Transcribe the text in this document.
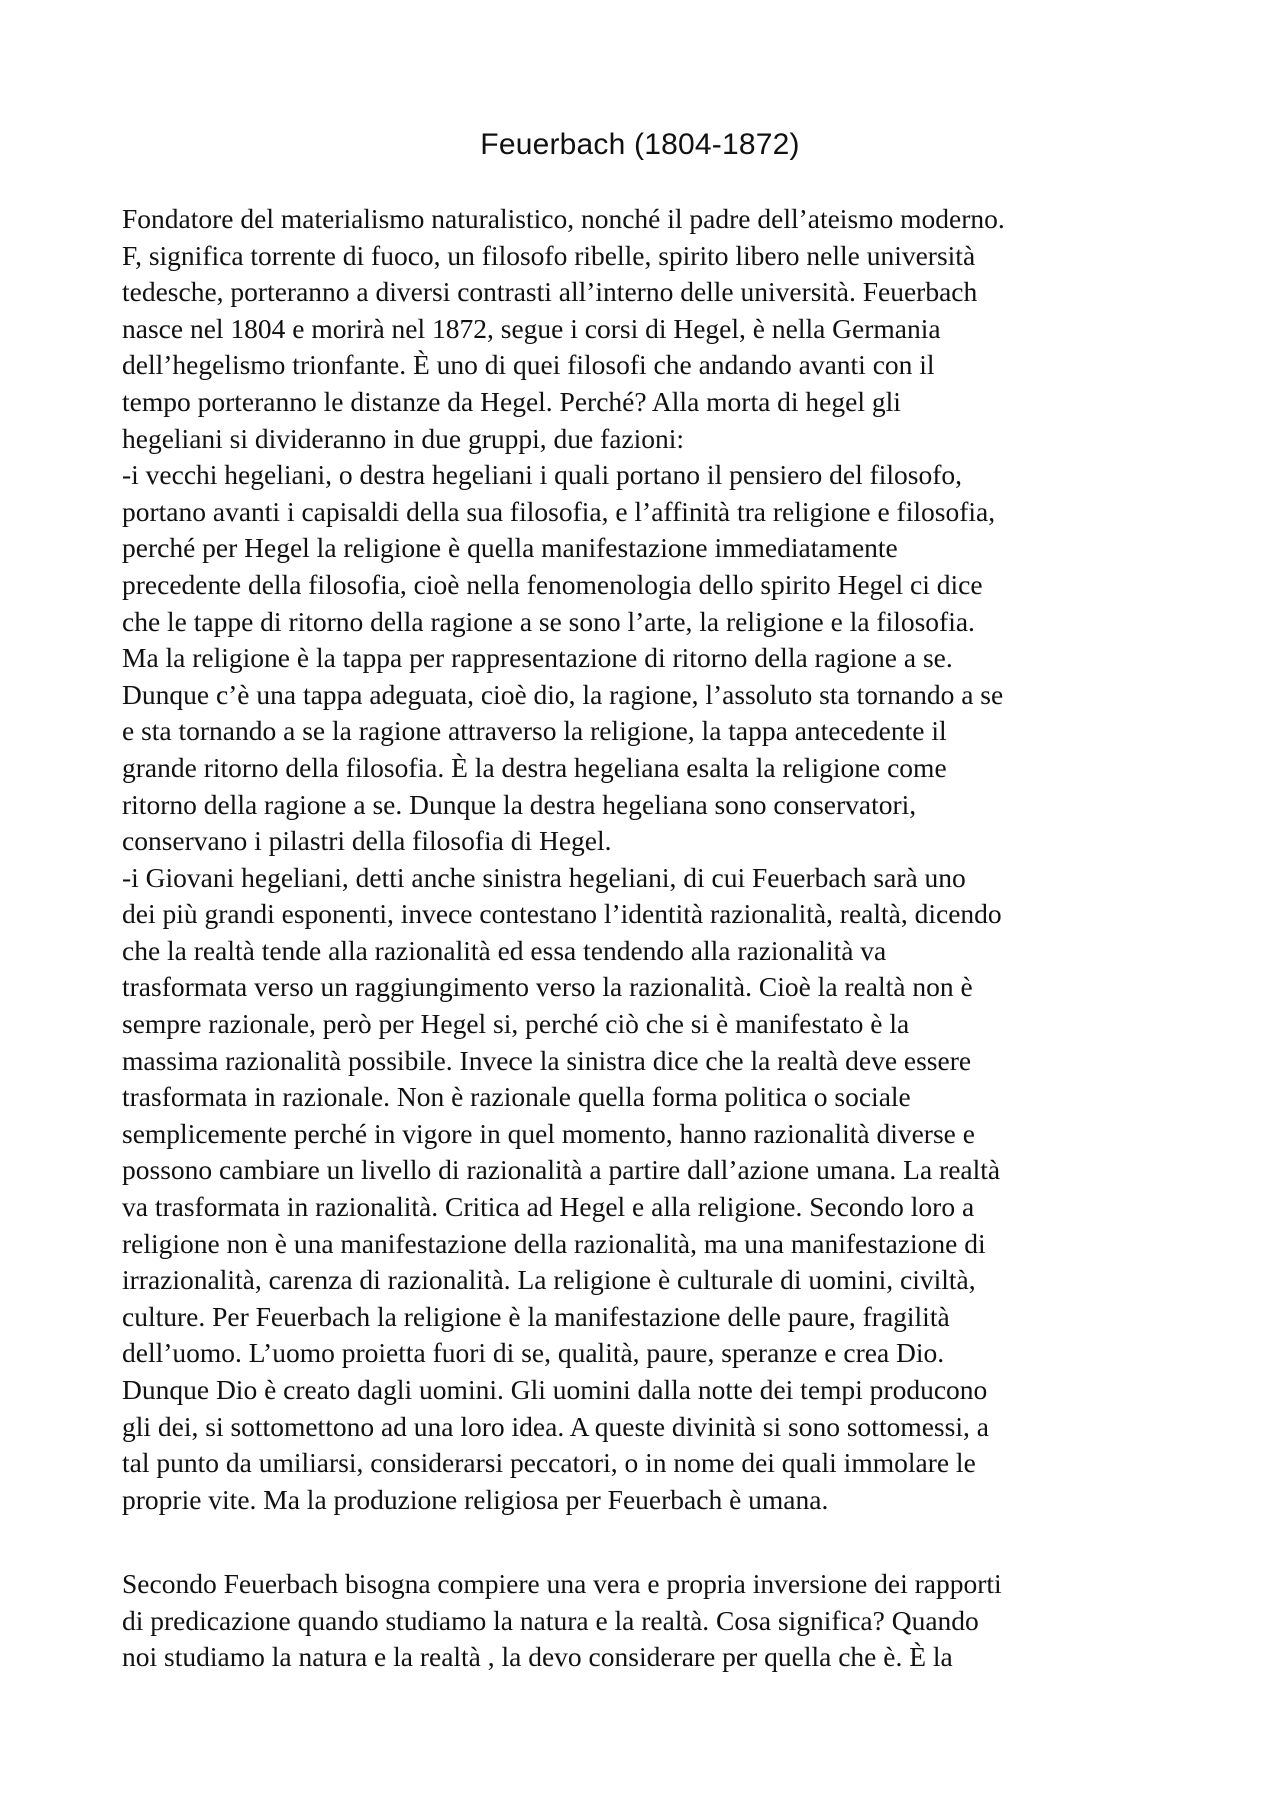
Feuerbach (1804-1872)
Fondatore del materialismo naturalistico, nonché il padre dell’ateismo moderno.
F, significa torrente di fuoco, un filosofo ribelle, spirito libero nelle università
tedesche, porteranno a diversi contrasti all’interno delle università. Feuerbach
nasce nel 1804 e morirà nel 1872, segue i corsi di Hegel, è nella Germania
dell’hegelismo trionfante. È uno di quei filosofi che andando avanti con il
tempo porteranno le distanze da Hegel. Perché? Alla morta di hegel gli
hegeliani si divideranno in due gruppi, due fazioni:
-i vecchi hegeliani, o destra hegeliani i quali portano il pensiero del filosofo,
portano avanti i capisaldi della sua filosofia, e l’affinità tra religione e filosofia,
perché per Hegel la religione è quella manifestazione immediatamente
precedente della filosofia, cioè nella fenomenologia dello spirito Hegel ci dice
che le tappe di ritorno della ragione a se sono l’arte, la religione e la filosofia.
Ma la religione è la tappa per rappresentazione di ritorno della ragione a se.
Dunque c’è una tappa adeguata, cioè dio, la ragione, l’assoluto sta tornando a se
e sta tornando a se la ragione attraverso la religione, la tappa antecedente il
grande ritorno della filosofia. È la destra hegeliana esalta la religione come
ritorno della ragione a se. Dunque la destra hegeliana sono conservatori,
conservano i pilastri della filosofia di Hegel.
-i Giovani hegeliani, detti anche sinistra hegeliani, di cui Feuerbach sarà uno
dei più grandi esponenti, invece contestano l’identità razionalità, realtà, dicendo
che la realtà tende alla razionalità ed essa tendendo alla razionalità va
trasformata verso un raggiungimento verso la razionalità. Cioè la realtà non è
sempre razionale, però per Hegel si, perché ciò che si è manifestato è la
massima razionalità possibile. Invece la sinistra dice che la realtà deve essere
trasformata in razionale. Non è razionale quella forma politica o sociale
semplicemente perché in vigore in quel momento, hanno razionalità diverse e
possono cambiare un livello di razionalità a partire dall’azione umana. La realtà
va trasformata in razionalità. Critica ad Hegel e alla religione. Secondo loro a
religione non è una manifestazione della razionalità, ma una manifestazione di
irrazionalità, carenza di razionalità. La religione è culturale di uomini, civiltà,
culture. Per Feuerbach la religione è la manifestazione delle paure, fragilità
dell’uomo. L’uomo proietta fuori di se, qualità, paure, speranze e crea Dio.
Dunque Dio è creato dagli uomini. Gli uomini dalla notte dei tempi producono
gli dei, si sottomettono ad una loro idea. A queste divinità si sono sottomessi, a
tal punto da umiliarsi, considerarsi peccatori, o in nome dei quali immolare le
proprie vite. Ma la produzione religiosa per Feuerbach è umana.
Secondo Feuerbach bisogna compiere una vera e propria inversione dei rapporti
di predicazione quando studiamo la natura e la realtà. Cosa significa? Quando
noi studiamo la natura e la realtà , la devo considerare per quella che è. È la
